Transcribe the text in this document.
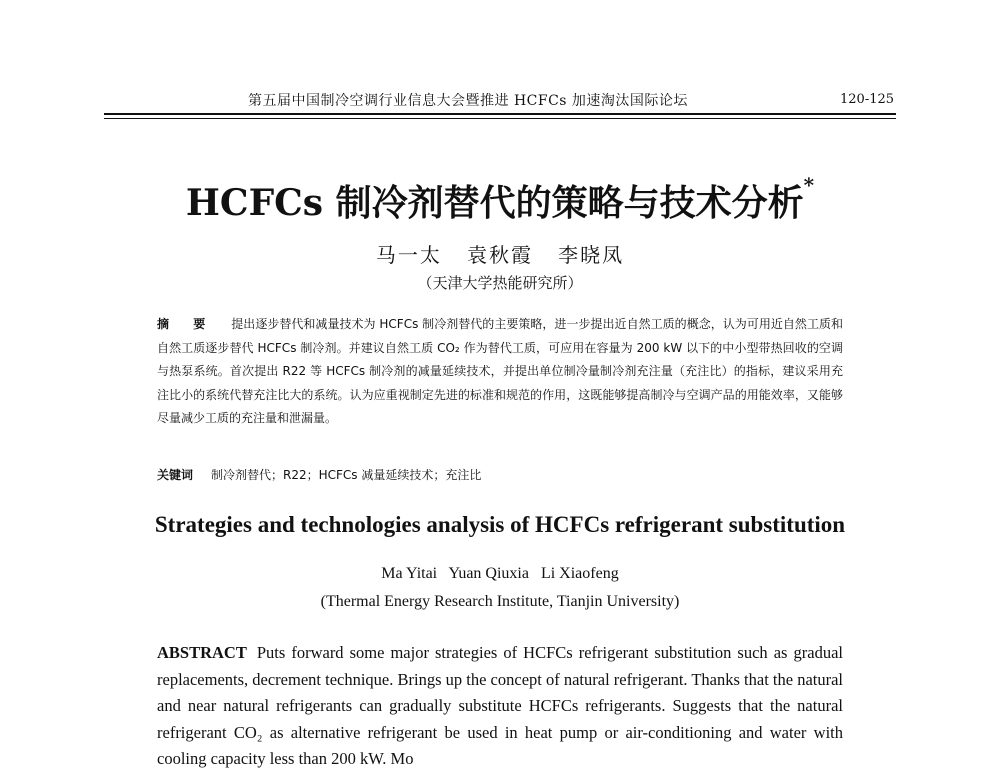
第五届中国制冷空调行业信息大会暨推进 HCFCs 加速淘汰国际论坛	120-125
HCFCs 制冷剂替代的策略与技术分析*
马一太   袁秋霞   李晓凤
（天津大学热能研究所）
摘 要 提出逐步替代和减量技术为 HCFCs 制冷剂替代的主要策略，进一步提出近自然工质的概念，认为可用近自然工质和自然工质逐步替代 HCFCs 制冷剂。并建议自然工质 CO₂ 作为替代工质，可应用在容量为 200 kW 以下的中小型带热回收的空调与热泵系统。首次提出 R22 等 HCFCs 制冷剂的减量延续技术，并提出单位制冷量制冷剂充注量（充注比）的指标，建议采用充注比小的系统代替充注比大的系统。认为应重视制定先进的标准和规范的作用，这既能够提高制冷与空调产品的用能效率，又能够尽量减少工质的充注量和泄漏量。
关键词 制冷剂替代；R22；HCFCs 减量延续技术；充注比
Strategies and technologies analysis of HCFCs refrigerant substitution
Ma Yitai   Yuan Qiuxia   Li Xiaofeng
(Thermal Energy Research Institute, Tianjin University)
ABSTRACT Puts forward some major strategies of HCFCs refrigerant substitution such as gradual replacements, decrement technique. Brings up the concept of natural refrigerant. Thanks that the natural and near natural refrigerants can gradually substitute HCFCs refrigerants. Suggests that the natural refrigerant CO₂ as alternative refrigerant be used in heat pump or air-conditioning and water with cooling capacity less than 200 kW. Mo
